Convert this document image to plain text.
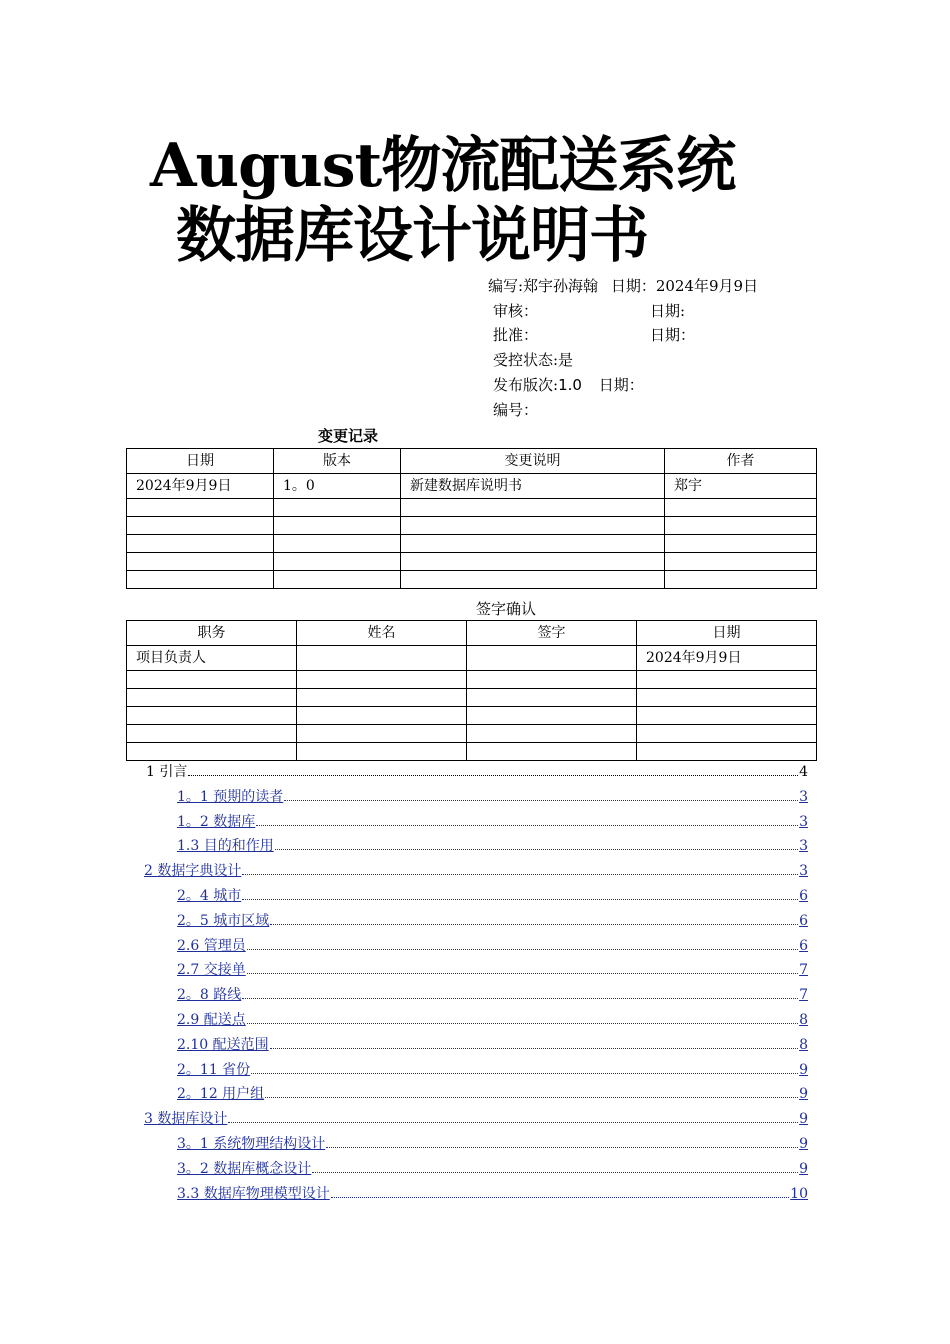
August物流配送系统
数据库设计说明书
编写:郑宇孙海翰 日期：2024年9月9日
审核：	日期:
批准：	日期：
受控状态:是
发布版次:1.0 日期：
编号：
变更记录
日期	版本	变更说明	作者
2024年9月9日	1。0	新建数据库说明书	郑宇

签字确认
职务	姓名	签字	日期
项目负责人			2024年9月9日

1 引言	4
1。1 预期的读者	3
1。2 数据库	3
1.3 目的和作用	3
2 数据字典设计	3
2。4 城市	6
2。5 城市区域	6
2.6 管理员	6
2.7 交接单	7
2。8 路线	7
2.9 配送点	8
2.10 配送范围	8
2。11 省份	9
2。12 用户组	9
3 数据库设计	9
3。1 系统物理结构设计	9
3。2 数据库概念设计	9
3.3 数据库物理模型设计	10
